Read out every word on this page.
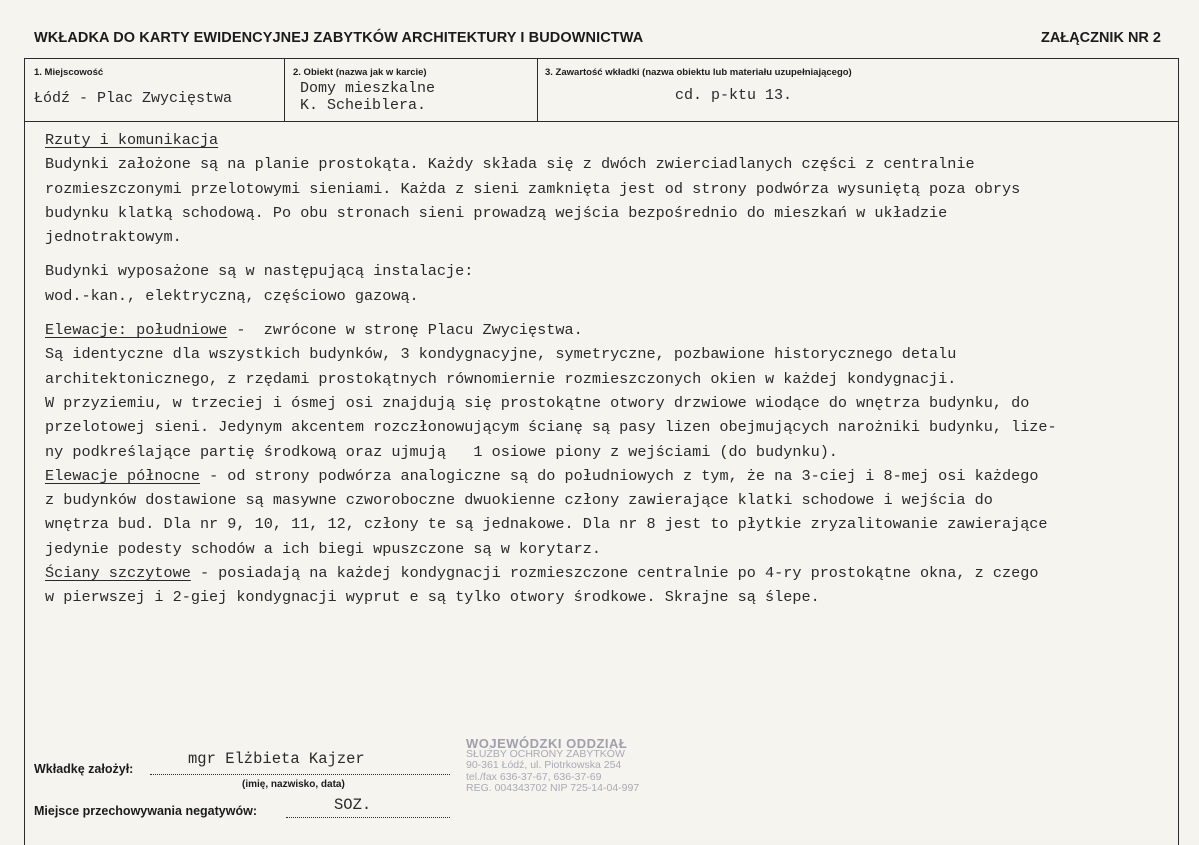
WKŁADKA DO KARTY EWIDENCYJNEJ ZABYTKÓW ARCHITEKTURY I BUDOWNICTWA	ZAŁĄCZNIK NR 2
1. Miejscowość
Łódź - Plac Zwycięstwa
2. Obiekt (nazwa jak w karcie)
Domy mieszkalne
K. Scheiblera.
3. Zawartość wkładki (nazwa obiektu lub materiału uzupełniającego)
cd. p-ktu 13.

Rzuty i komunikacja

Budynki założone są na planie prostokąta. Każdy składa się z dwóch zwierciadlanych części z centralnie

rozmieszczonymi przelotowymi sieniami. Każda z sieni zamknięta jest od strony podwórza wysuniętą poza obrys

budynku klatką schodową. Po obu stronach sieni prowadzą wejścia bezpośrednio do mieszkań w układzie

jednotraktowym.

Budynki wyposażone są w następującą instalacje:

wod.-kan., elektryczną, częściowo gazową.

Elewacje: południowe -  zwrócone w stronę Placu Zwycięstwa.

Są identyczne dla wszystkich budynków, 3 kondygnacyjne, symetryczne, pozbawione historycznego detalu

architektonicznego, z rzędami prostokątnych równomiernie rozmieszczonych okien w każdej kondygnacji.

W przyziemiu, w trzeciej i ósmej osi znajdują się prostokątne otwory drzwiowe wiodące do wnętrza budynku, do

przelotowej sieni. Jedynym akcentem rozczłonowującym ścianę są pasy lizen obejmujących narożniki budynku, lize-

ny podkreślające partię środkową oraz ujmują   1 osiowe piony z wejściami (do budynku).

Elewacje północne - od strony podwórza analogiczne są do południowych z tym, że na 3-ciej i 8-mej osi każdego

z budynków dostawione są masywne czworoboczne dwuokienne człony zawierające klatki schodowe i wejścia do

wnętrza bud. Dla nr 9, 10, 11, 12, człony te są jednakowe. Dla nr 8 jest to płytkie zryzalitowanie zawierające

jedynie podesty schodów a ich biegi wpuszczone są w korytarz.

Ściany szczytowe - posiadają na każdej kondygnacji rozmieszczone centralnie po 4-ry prostokątne okna, z czego

w pierwszej i 2-giej kondygnacji wyprut e są tylko otwory środkowe. Skrajne są ślepe.

WOJEWÓDZKI ODDZIAŁ
SŁUŻBY OCHRONY ZABYTKÓW
90-361 Łódź, ul. Piotrkowska 254
tel./fax 636-37-67, 636-37-69
REG. 004343702 NIP 725-14-04-997
Wkładkę założył:
mgr Elżbieta Kajzer
(imię, nazwisko, data)
Miejsce przechowywania negatywów:	SOZ.
